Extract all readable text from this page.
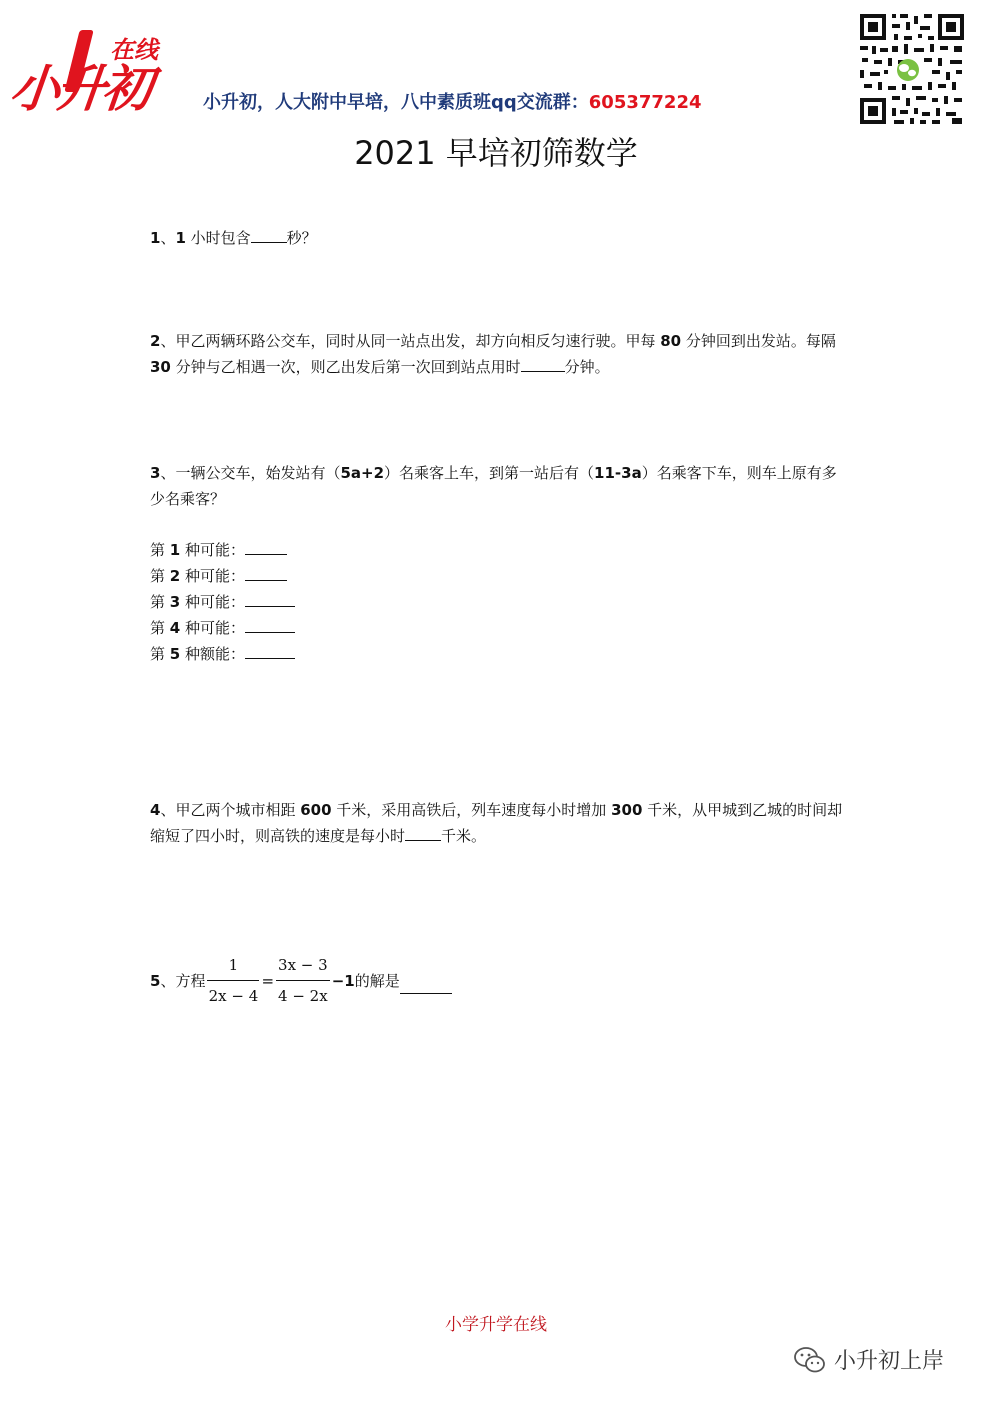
在线
小升初	小升初，人大附中早培，八中素质班qq交流群：605377224
2021 早培初筛数学
1、1 小时包含 秒？
2、甲乙两辆环路公交车，同时从同一站点出发，却方向相反匀速行驶。甲每 80 分钟回到出发站。每隔 30 分钟与乙相遇一次，则乙出发后第一次回到站点用时	分钟。
3、一辆公交车，始发站有（5a+2）名乘客上车，到第一站后有（11-3a）名乘客下车，则车上原有多少名乘客？
第 1 种可能：
第 2 种可能：
第 3 种可能：
第 4 种可能：
第 5 种额能：
4、甲乙两个城市相距 600 千米，采用高铁后，列车速度每小时增加 300 千米，从甲城到乙城的时间却缩短了四小时，则高铁的速度是每小时 千米。
5 、方程 $\frac{1}{2x - 4} = \frac{3x - 3}{4 - 2x} -1$ 的解是
小学升学在线
小升初上岸
